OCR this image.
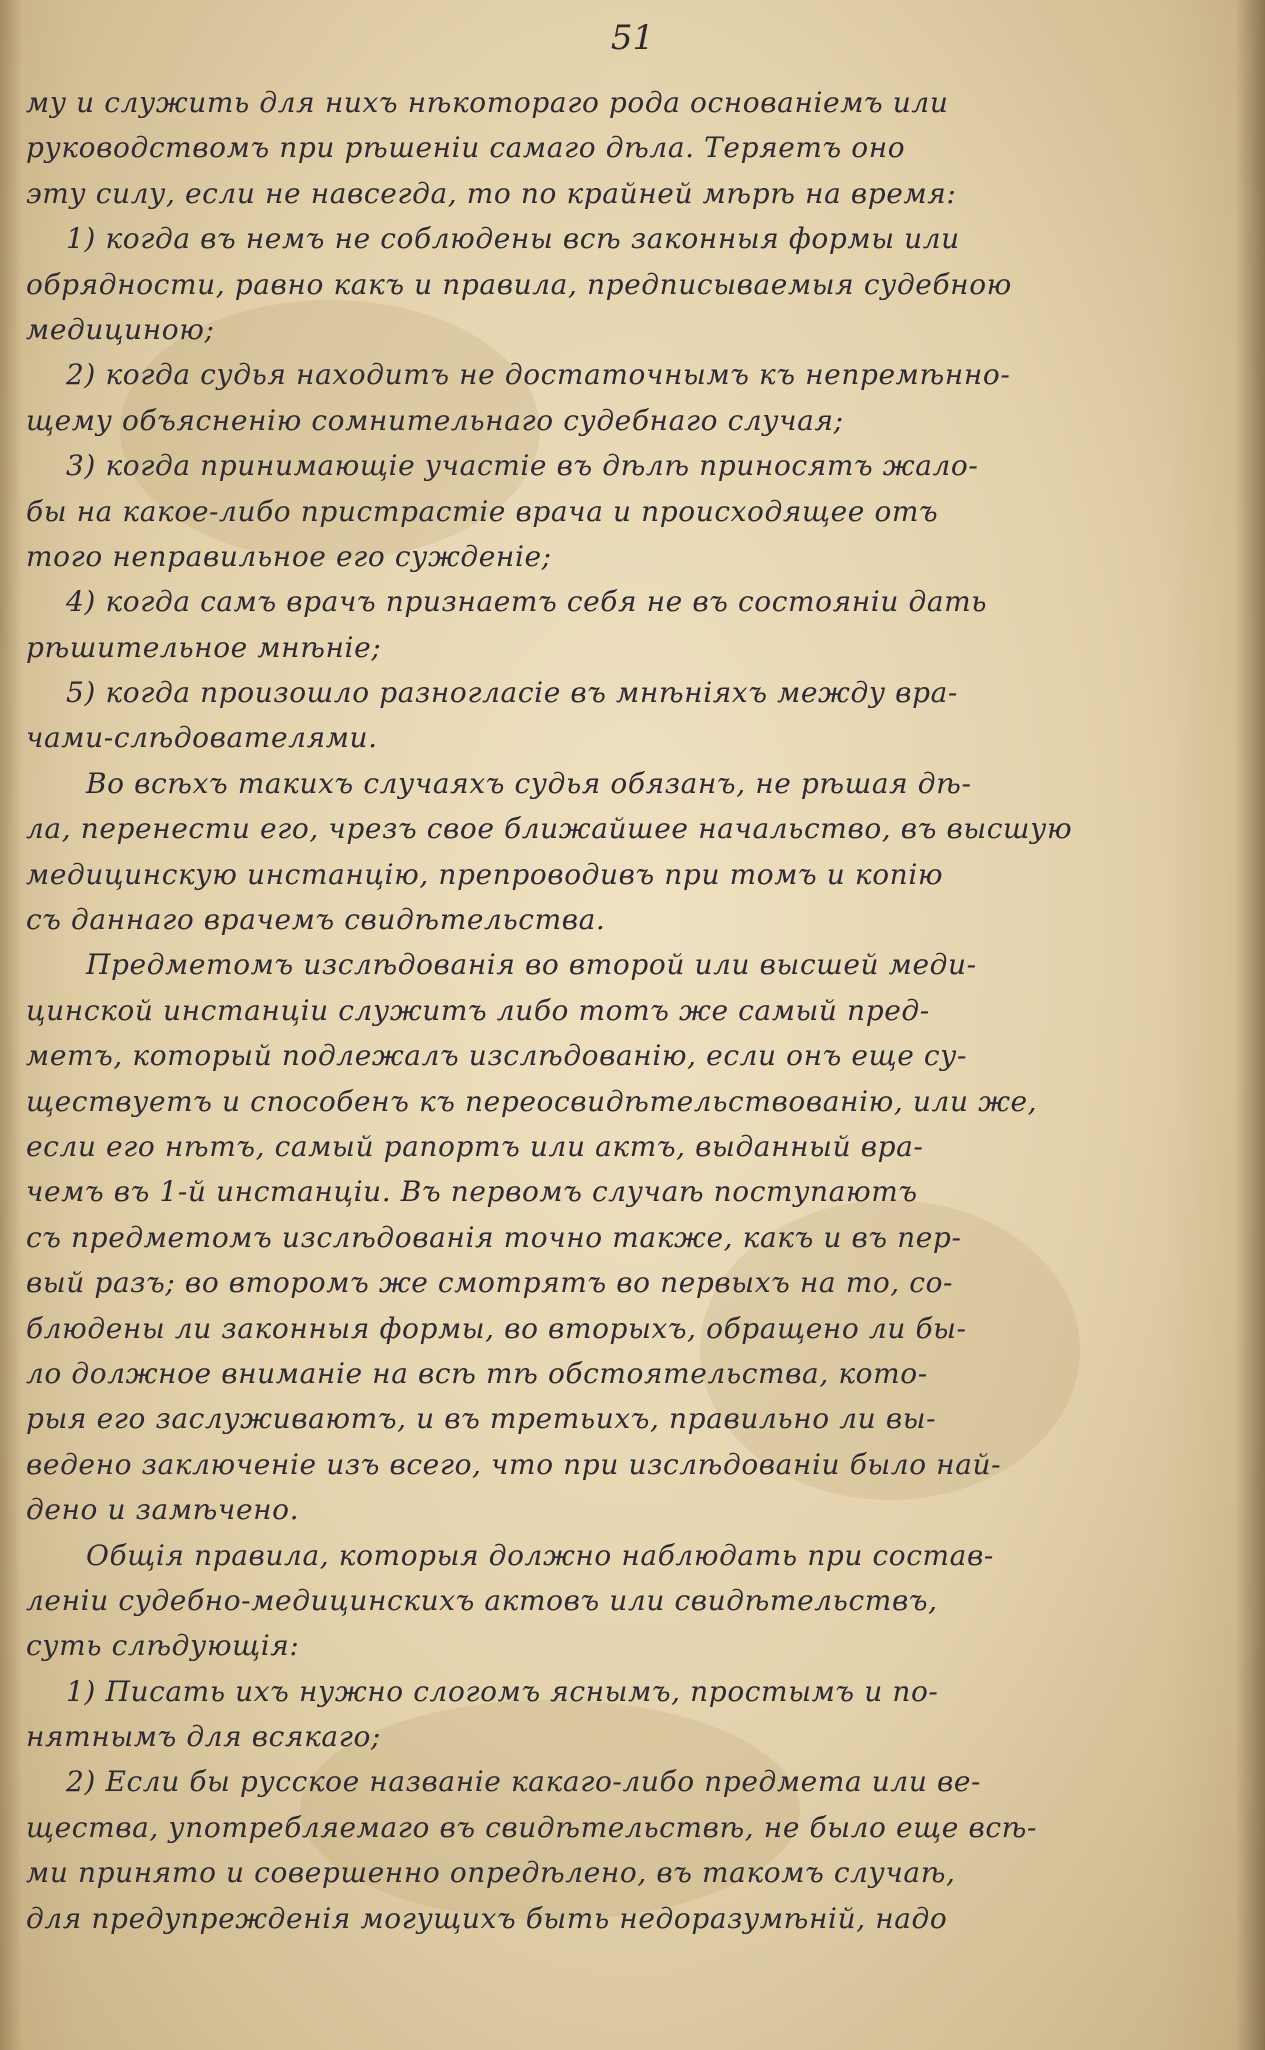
51
му и служить для нихъ нѣкотораго рода основаніемъ или
руководствомъ при рѣшеніи самаго дѣла. Теряетъ оно
эту силу, если не навсегда, то по крайней мѣрѣ на время:
1) когда въ немъ не соблюдены всѣ законныя формы или
обрядности, равно какъ и правила, предписываемыя судебною
медициною;
2) когда судья находитъ не достаточнымъ къ непремѣнно-
щему объясненію сомнительнаго судебнаго случая;
3) когда принимающіе участіе въ дѣлѣ приносятъ жало-
бы на какое-либо пристрастіе врача и происходящее отъ
того неправильное его сужденіе;
4) когда самъ врачъ признаетъ себя не въ состояніи дать
рѣшительное мнѣніе;
5) когда произошло разногласіе въ мнѣніяхъ между вра-
чами-слѣдователями.
Во всѣхъ такихъ случаяхъ судья обязанъ, не рѣшая дѣ-
ла, перенести его, чрезъ свое ближайшее начальство, въ высшую
медицинскую инстанцію, препроводивъ при томъ и копію
съ даннаго врачемъ свидѣтельства.
Предметомъ изслѣдованія во второй или высшей меди-
цинской инстанціи служитъ либо тотъ же самый пред-
метъ, который подлежалъ изслѣдованію, если онъ еще су-
ществуетъ и способенъ къ переосвидѣтельствованію, или же,
если его нѣтъ, самый рапортъ или актъ, выданный вра-
чемъ въ 1-й инстанціи. Въ первомъ случаѣ поступаютъ
съ предметомъ изслѣдованія точно также, какъ и въ пер-
вый разъ; во второмъ же смотрятъ во первыхъ на то, со-
блюдены ли законныя формы, во вторыхъ, обращено ли бы-
ло должное вниманіе на всѣ тѣ обстоятельства, кото-
рыя его заслуживаютъ, и въ третьихъ, правильно ли вы-
ведено заключеніе изъ всего, что при изслѣдованіи было най-
дено и замѣчено.
Общія правила, которыя должно наблюдать при состав-
леніи судебно-медицинскихъ актовъ или свидѣтельствъ,
суть слѣдующія:
1) Писать ихъ нужно слогомъ яснымъ, простымъ и по-
нятнымъ для всякаго;
2) Если бы русское названіе какаго-либо предмета или ве-
щества, употребляемаго въ свидѣтельствѣ, не было еще всѣ-
ми принято и совершенно опредѣлено, въ такомъ случаѣ,
для предупрежденія могущихъ быть недоразумѣній, надо
